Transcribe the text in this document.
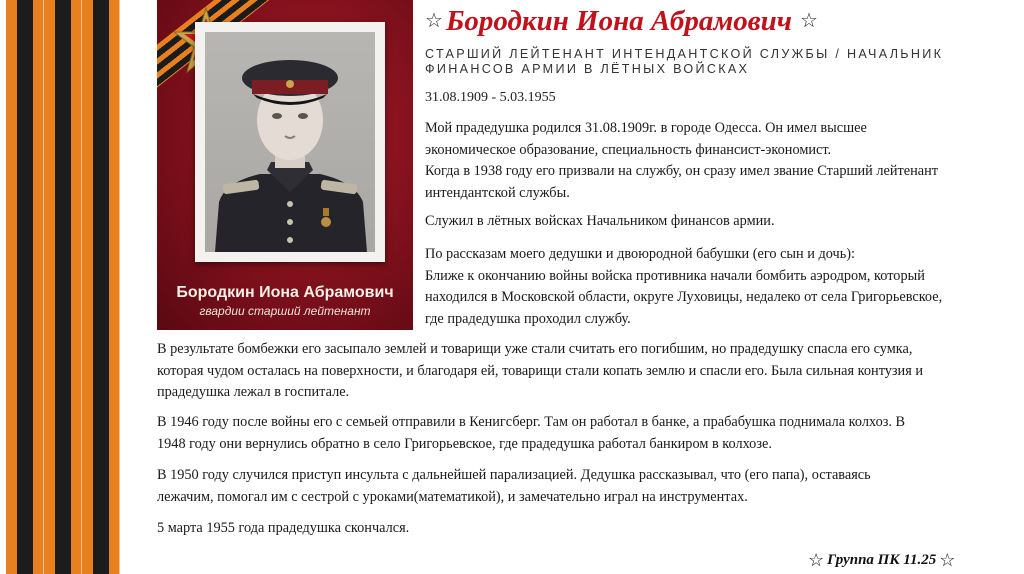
Бородкин Иона Абрамович
гвардии старший лейтенант
☆ Бородкин Иона Абрамович ☆
СТАРШИЙ ЛЕЙТЕНАНТ ИНТЕНДАНТСКОЙ СЛУЖБЫ / НАЧАЛЬНИК
ФИНАНСОВ АРМИИ В ЛЁТНЫХ ВОЙСКАХ
31.08.1909 - 5.03.1955

Мой прадедушка родился 31.08.1909г. в городе Одесса. Он имел высшее
экономическое образование, специальность финансист-экономист.
Когда в 1938 году его призвали на службу, он сразу имел звание Старший лейтенант
интендантской службы.

Служил в лётных войсках Начальником финансов армии.

По рассказам моего дедушки и двоюродной бабушки (его сын и дочь):
Ближе к окончанию войны войска противника начали бомбить аэродром, который
находился в Московской области, округе Луховицы, недалеко от села Григорьевское,
где прадедушка проходил службу.

В результате бомбежки его засыпало землей и товарищи уже стали считать его погибшим, но прадедушку спасла его сумка,
которая чудом осталась на поверхности, и благодаря ей, товарищи стали копать землю и спасли его. Была сильная контузия и
прадедушка лежал в госпитале.

В 1946 году после войны его с семьей отправили в Кенигсберг. Там он работал в банке, а прабабушка поднимала колхоз. В
1948 году они вернулись обратно в село Григорьевское, где прадедушка работал банкиром в колхозе.

В 1950 году случился приступ инсульта с дальнейшей парализацией. Дедушка рассказывал, что (его папа), оставаясь
лежачим, помогал им с сестрой с уроками(математикой), и замечательно играл на инструментах.

5 марта 1955 года прадедушка скончался.

☆ Группа ПК 11.25 ☆
